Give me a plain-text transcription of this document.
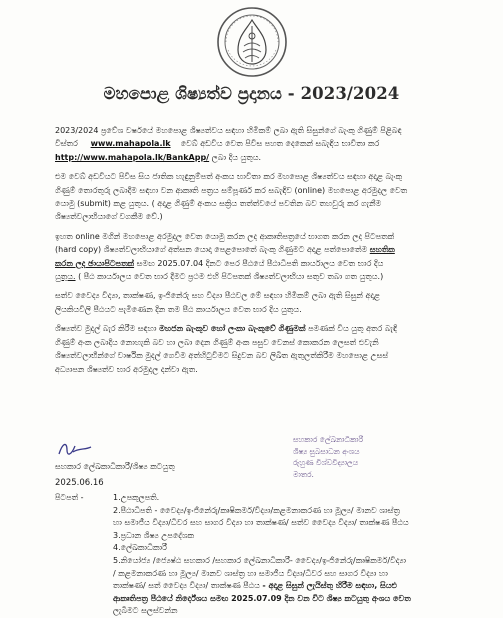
මහපොළ ශිෂ්‍යත්ව ප්‍රදානය - 2023/2024
2023/2024 ප්‍රවේශ වර්ෂයේ මහපොළ ශිෂ්‍යත්වය සඳහා හිමිකම් ලබා ඇති සිසුන්ගේ බැංකු ගිණුම් පිළිබඳ
විස්තර www.mahapola.lk වෙබ් අඩවිය වෙත පිවිස පහත දෙකෙන් සබැඳිය භාවිතා කර
http://www.mahapola.lk/BankApp/ ලබා දිය යුතුය.
එම වෙබ් අඩවියට පිවිස සිය ජාතික හැඳුනුම්පත් අංකය භාවිතා කර මහපොළ ශිෂ්‍යත්වය සඳහා අදාළ බැංකු
ගිණුම් තොරතුරු ලබාදීම සඳහා වන ආකෘති පත්‍රය සම්පූර්ණ කර සබැඳිව (online) මහපොළ අරමුදල වෙත
යොමු (submit) කළ යුතුය. ( අදාළ ගිණුම් අංකය සක්‍රිය තත්ත්වයේ පවතින බව තහවුරු කර ගැනීම
ශිෂ්‍යත්වලාභියාගේ වගකීම වේ.)
ඉහත online මගින් මහපොළ අරමුදල වෙත යොමු කරන ලද ආකෘතිපත්‍රයේ භාගත කරන ලද පිටපතක්
(hard copy) ශිෂ්‍යත්වලාභියාගේ අත්සන යොදා පෙළපොතේ බැංකු ගිණුමට අදාළ පත්පොතේම සහතික
කරන ලද ඡායාපිටපතක් සමඟ 2025.07.04 දිනට පෙර පීඨයේ පීඨාධිපති කාර්යාලය වෙත භාර දිය
යුතුය. ( පීඨ කාර්යාලය වෙත භාර දීමට ප්‍රථම එහි පිටපතක් ශිෂ්‍යත්වලාභියා සතුව තබා ගත යුතුය.)
සත්ව වෛද්‍ය විද්‍යා, තාක්ෂණ, ඉංජිනේරු සහ විද්‍යා පීඨවල මේ සඳහා හිමිකම් ලබා ඇති සිසුන් අදාළ
ලියකියවිලි පීඨයට පැමිණෙන දින තම පීඨ කාර්යාලය වෙත භාර දිය යුතුය.
ශිෂ්‍යත්ව මුදල් බැර කිරීම සඳහා මහජන බැංකුව හෝ ලංකා බැංකුවේ ගිණුමක් පමණක් විය යුතු අතර බැඳි
ගිණුම් අංක ලබාදිය නොහැකි බව හා ලබා දෙන ගිණුම් අංක පසුව වෙනස් කොකරන ලෙසත් එවැනි
ශිෂ්‍යත්වලාභීන්ගේ වාර්ෂික මුදල් ගෙවීම අත්හිටුවීමට සිදුවන බව ලිඛිත ඇතුලත්කිරීම මහපොළ උසස්
අධ්‍යාපන ශිෂ්‍යත්ව භාර අරමුදල දන්වා ඇත.
සහකාර ලේඛකාධිකාරී/ශිෂ්‍ය කටයුතු
2025.06.16
සහකාර ලේඛනාධිකාරී
ශිෂ්‍ය සුබසාධන අංශය
රුහුණ විශ්වවිද්‍යාලය
මාතර.
පිටපත් -	1.උපකුලපති.
2.පීඨාධිපති - වෛද්‍ය/ඉංජිනේරු/කෘෂිකර්ම/විද්‍යා/කළමනාකරණ හා මූල්‍ය/ මානව ශාස්ත්‍ර
හා සමාජීය විද්‍යා/ධීවර සහ සාගර විද්‍යා හා තාක්ෂණ/ සත්ව වෛද්‍ය විද්‍යා/ තාක්ෂණ පීඨය
3.ප්‍රධාන ශිෂ්‍ය උපදේශක
4.ලේඛකාධිකාරී
5.නියෝජ්‍ය /ජ්‍යෙෂ්ඨ සහකාර /සහකාර ලේඛනාධිකාරී- වෛද්‍ය/ඉංජිනේරු/කෘෂිකර්ම/විද්‍යා
/ කළමනාකරණ හා මූල්‍ය/ මානව ශාස්ත්‍ර හා සමාජීය විද්‍යා/ධීවර සහ සාගර විද්‍යා හා
තාක්ෂණ/ සත් වෛද්‍ය විද්‍යා/ තාක්ෂණ පීඨය - අදාළ සිසුන් ලැයිස්තු හිරීම සඳහා, සියළු
ආකෘතිපත්‍ර පීඨයේ නිර්දේශය සමඟ 2025.07.09 දින වන විට ශිෂ්‍ය කටයුතු අංශය වෙත
ලැබීමට සලස්වන්න
